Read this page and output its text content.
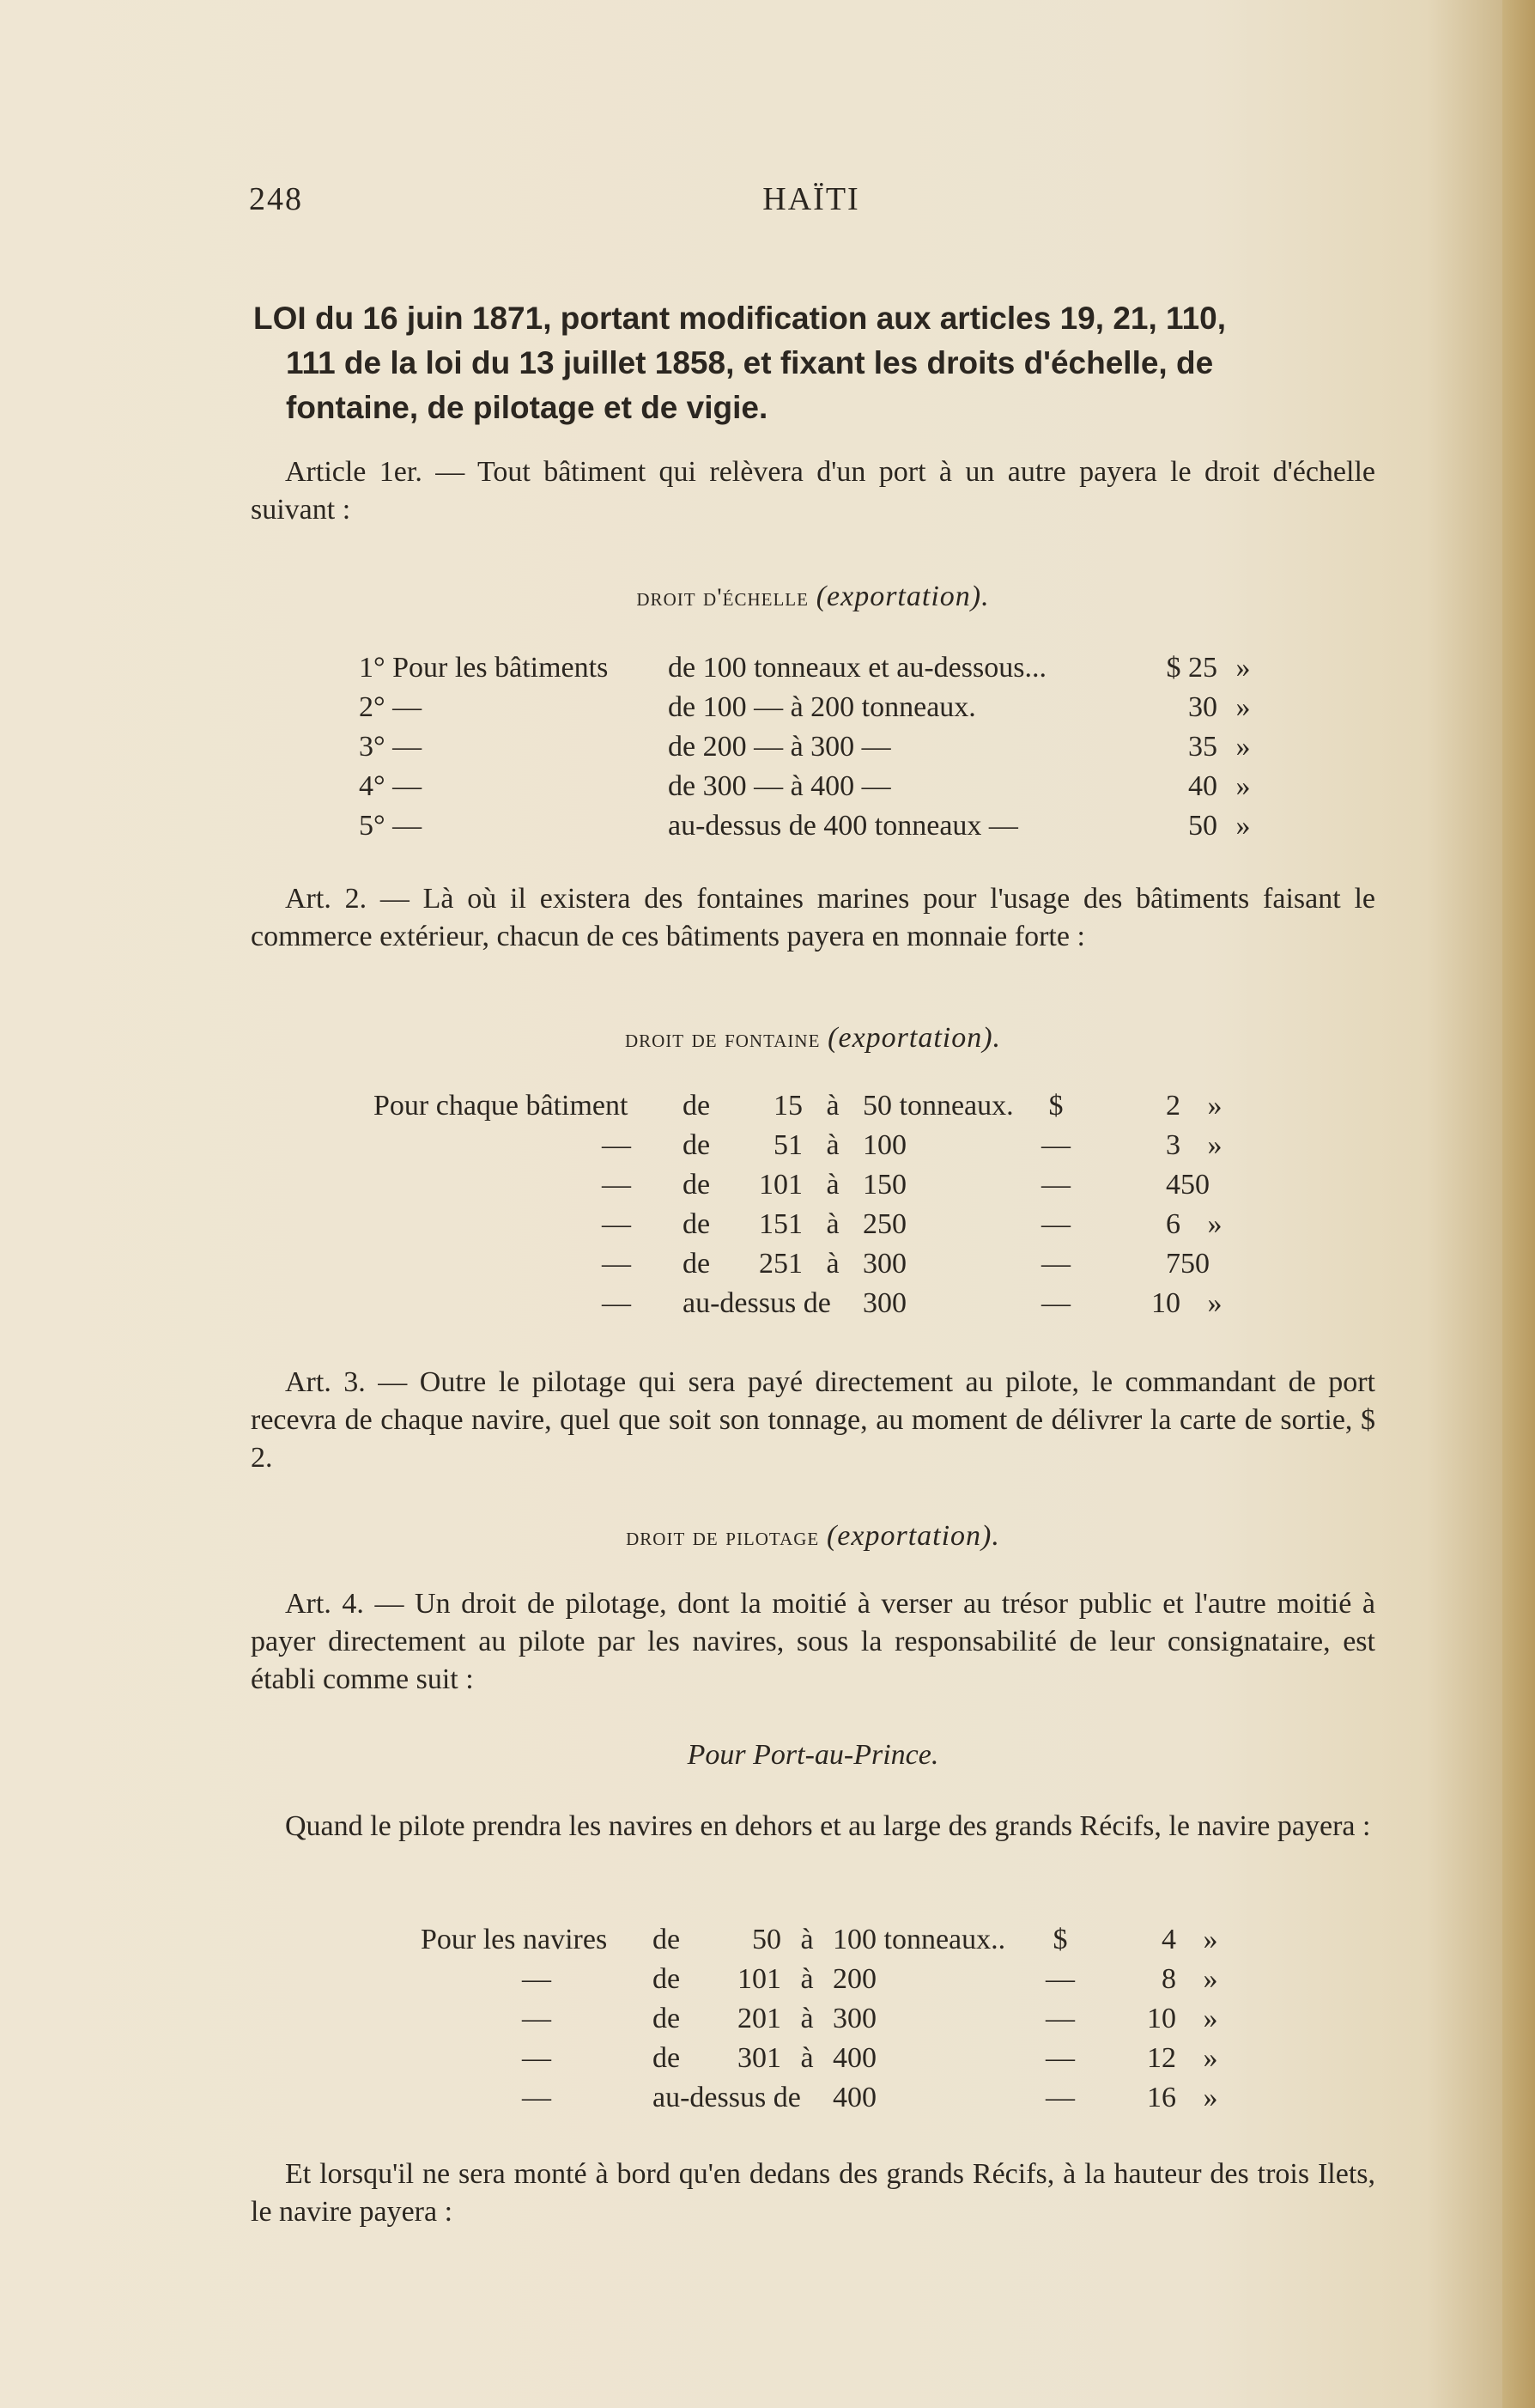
248	HAÏTI
LOI du 16 juin 1871, portant modification aux articles 19, 21, 110,
111 de la loi du 13 juillet 1858, et fixant les droits d'échelle, de
fontaine, de pilotage et de vigie.

Article 1er. — Tout bâtiment qui relèvera d'un port à un autre payera le droit d'échelle suivant :

droit d'échelle (exportation).
1° Pour les bâtiments	de 100 tonneaux et au-dessous...	$ 25	»
2° —	de 100 — à 200 tonneaux.	30	»
3° —	de 200 — à 300 —	35	»
4° —	de 300 — à 400 —	40	»
5° —	au-dessus de 400 tonneaux —	50	»

Art. 2. — Là où il existera des fontaines marines pour l'usage des bâtiments faisant le commerce extérieur, chacun de ces bâtiments payera en monnaie forte :

droit de fontaine (exportation).
Pour chaque bâtiment	de	15	à	50 tonneaux.	$	2	»
—	de	51	à	100	—	3	»
—	de	101	à	150	—	4	50
—	de	151	à	250	—	6	»
—	de	251	à	300	—	7	50
—	au-dessus de			300	—	10	»

Art. 3. — Outre le pilotage qui sera payé directement au pilote, le commandant de port recevra de chaque navire, quel que soit son tonnage, au moment de délivrer la carte de sortie, $ 2.

droit de pilotage (exportation).

Art. 4. — Un droit de pilotage, dont la moitié à verser au trésor public et l'autre moitié à payer directement au pilote par les navires, sous la responsabilité de leur consignataire, est établi comme suit :

Pour Port-au-Prince.

Quand le pilote prendra les navires en dehors et au large des grands Récifs, le navire payera :

Pour les navires	de	50	à	100 tonneaux..	$	4	»
—	de	101	à	200	—	8	»
—	de	201	à	300	—	10	»
—	de	301	à	400	—	12	»
—	au-dessus de			400	—	16	»

Et lorsqu'il ne sera monté à bord qu'en dedans des grands Récifs, à la hauteur des trois Ilets, le navire payera :
